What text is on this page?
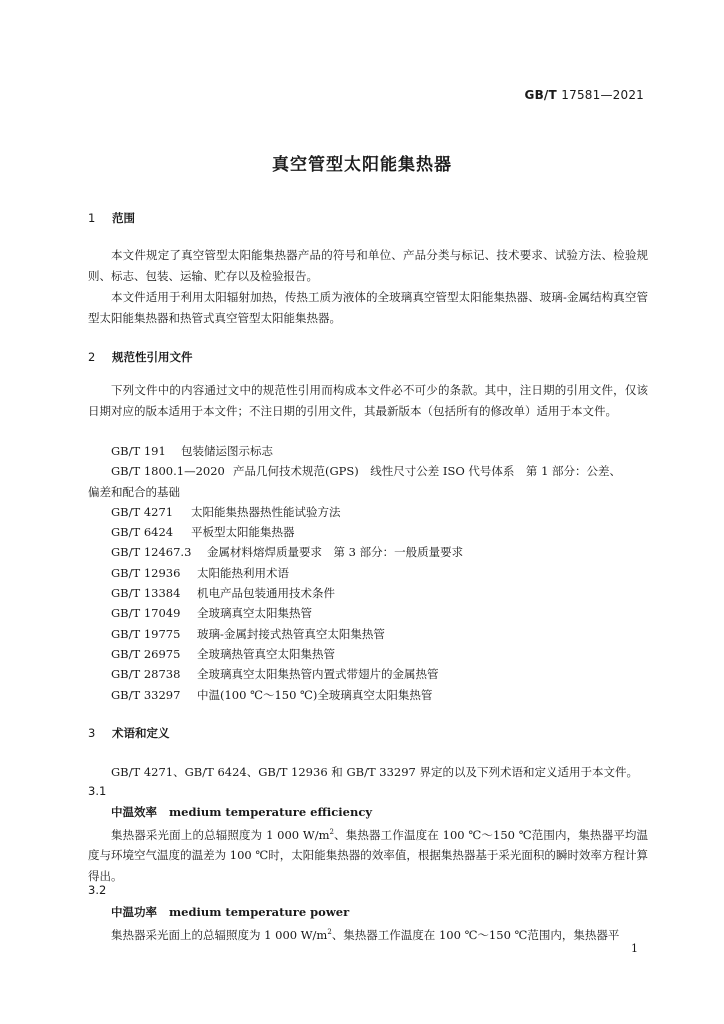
GB/T 17581—2021
真空管型太阳能集热器
1 范围
本文件规定了真空管型太阳能集热器产品的符号和单位、产品分类与标记、技术要求、试验方法、检验规则、标志、包装、运输、贮存以及检验报告。
本文件适用于利用太阳辐射加热，传热工质为液体的全玻璃真空管型太阳能集热器、玻璃-金属结构真空管型太阳能集热器和热管式真空管型太阳能集热器。
2 规范性引用文件
下列文件中的内容通过文中的规范性引用而构成本文件必不可少的条款。其中，注日期的引用文件，仅该日期对应的版本适用于本文件；不注日期的引用文件，其最新版本（包括所有的修改单）适用于本文件。
GB/T 191 包装储运图示标志
GB/T 1800.1—2020 产品几何技术规范(GPS)　线性尺寸公差 ISO 代号体系　第 1 部分：公差、
偏差和配合的基础
GB/T 4271 太阳能集热器热性能试验方法
GB/T 6424 平板型太阳能集热器
GB/T 12467.3 金属材料熔焊质量要求　第 3 部分：一般质量要求
GB/T 12936 太阳能热利用术语
GB/T 13384 机电产品包装通用技术条件
GB/T 17049 全玻璃真空太阳集热管
GB/T 19775 玻璃-金属封接式热管真空太阳集热管
GB/T 26975 全玻璃热管真空太阳集热管
GB/T 28738 全玻璃真空太阳集热管内置式带翅片的金属热管
GB/T 33297 中温(100 ℃～150 ℃)全玻璃真空太阳集热管
3 术语和定义
GB/T 4271、GB/T 6424、GB/T 12936 和 GB/T 33297 界定的以及下列术语和定义适用于本文件。
3.1
中温效率 medium temperature efficiency
集热器采光面上的总辐照度为 1 000 $W/m^2$、集热器工作温度在 100 ℃～150 ℃范围内，集热器平均温度与环境空气温度的温差为 100 ℃时，太阳能集热器的效率值，根据集热器基于采光面积的瞬时效率方程计算得出。
3.2
中温功率 medium temperature power
集热器采光面上的总辐照度为 1 000 $W/m^2$、集热器工作温度在 100 ℃～150 ℃范围内，集热器平
1
